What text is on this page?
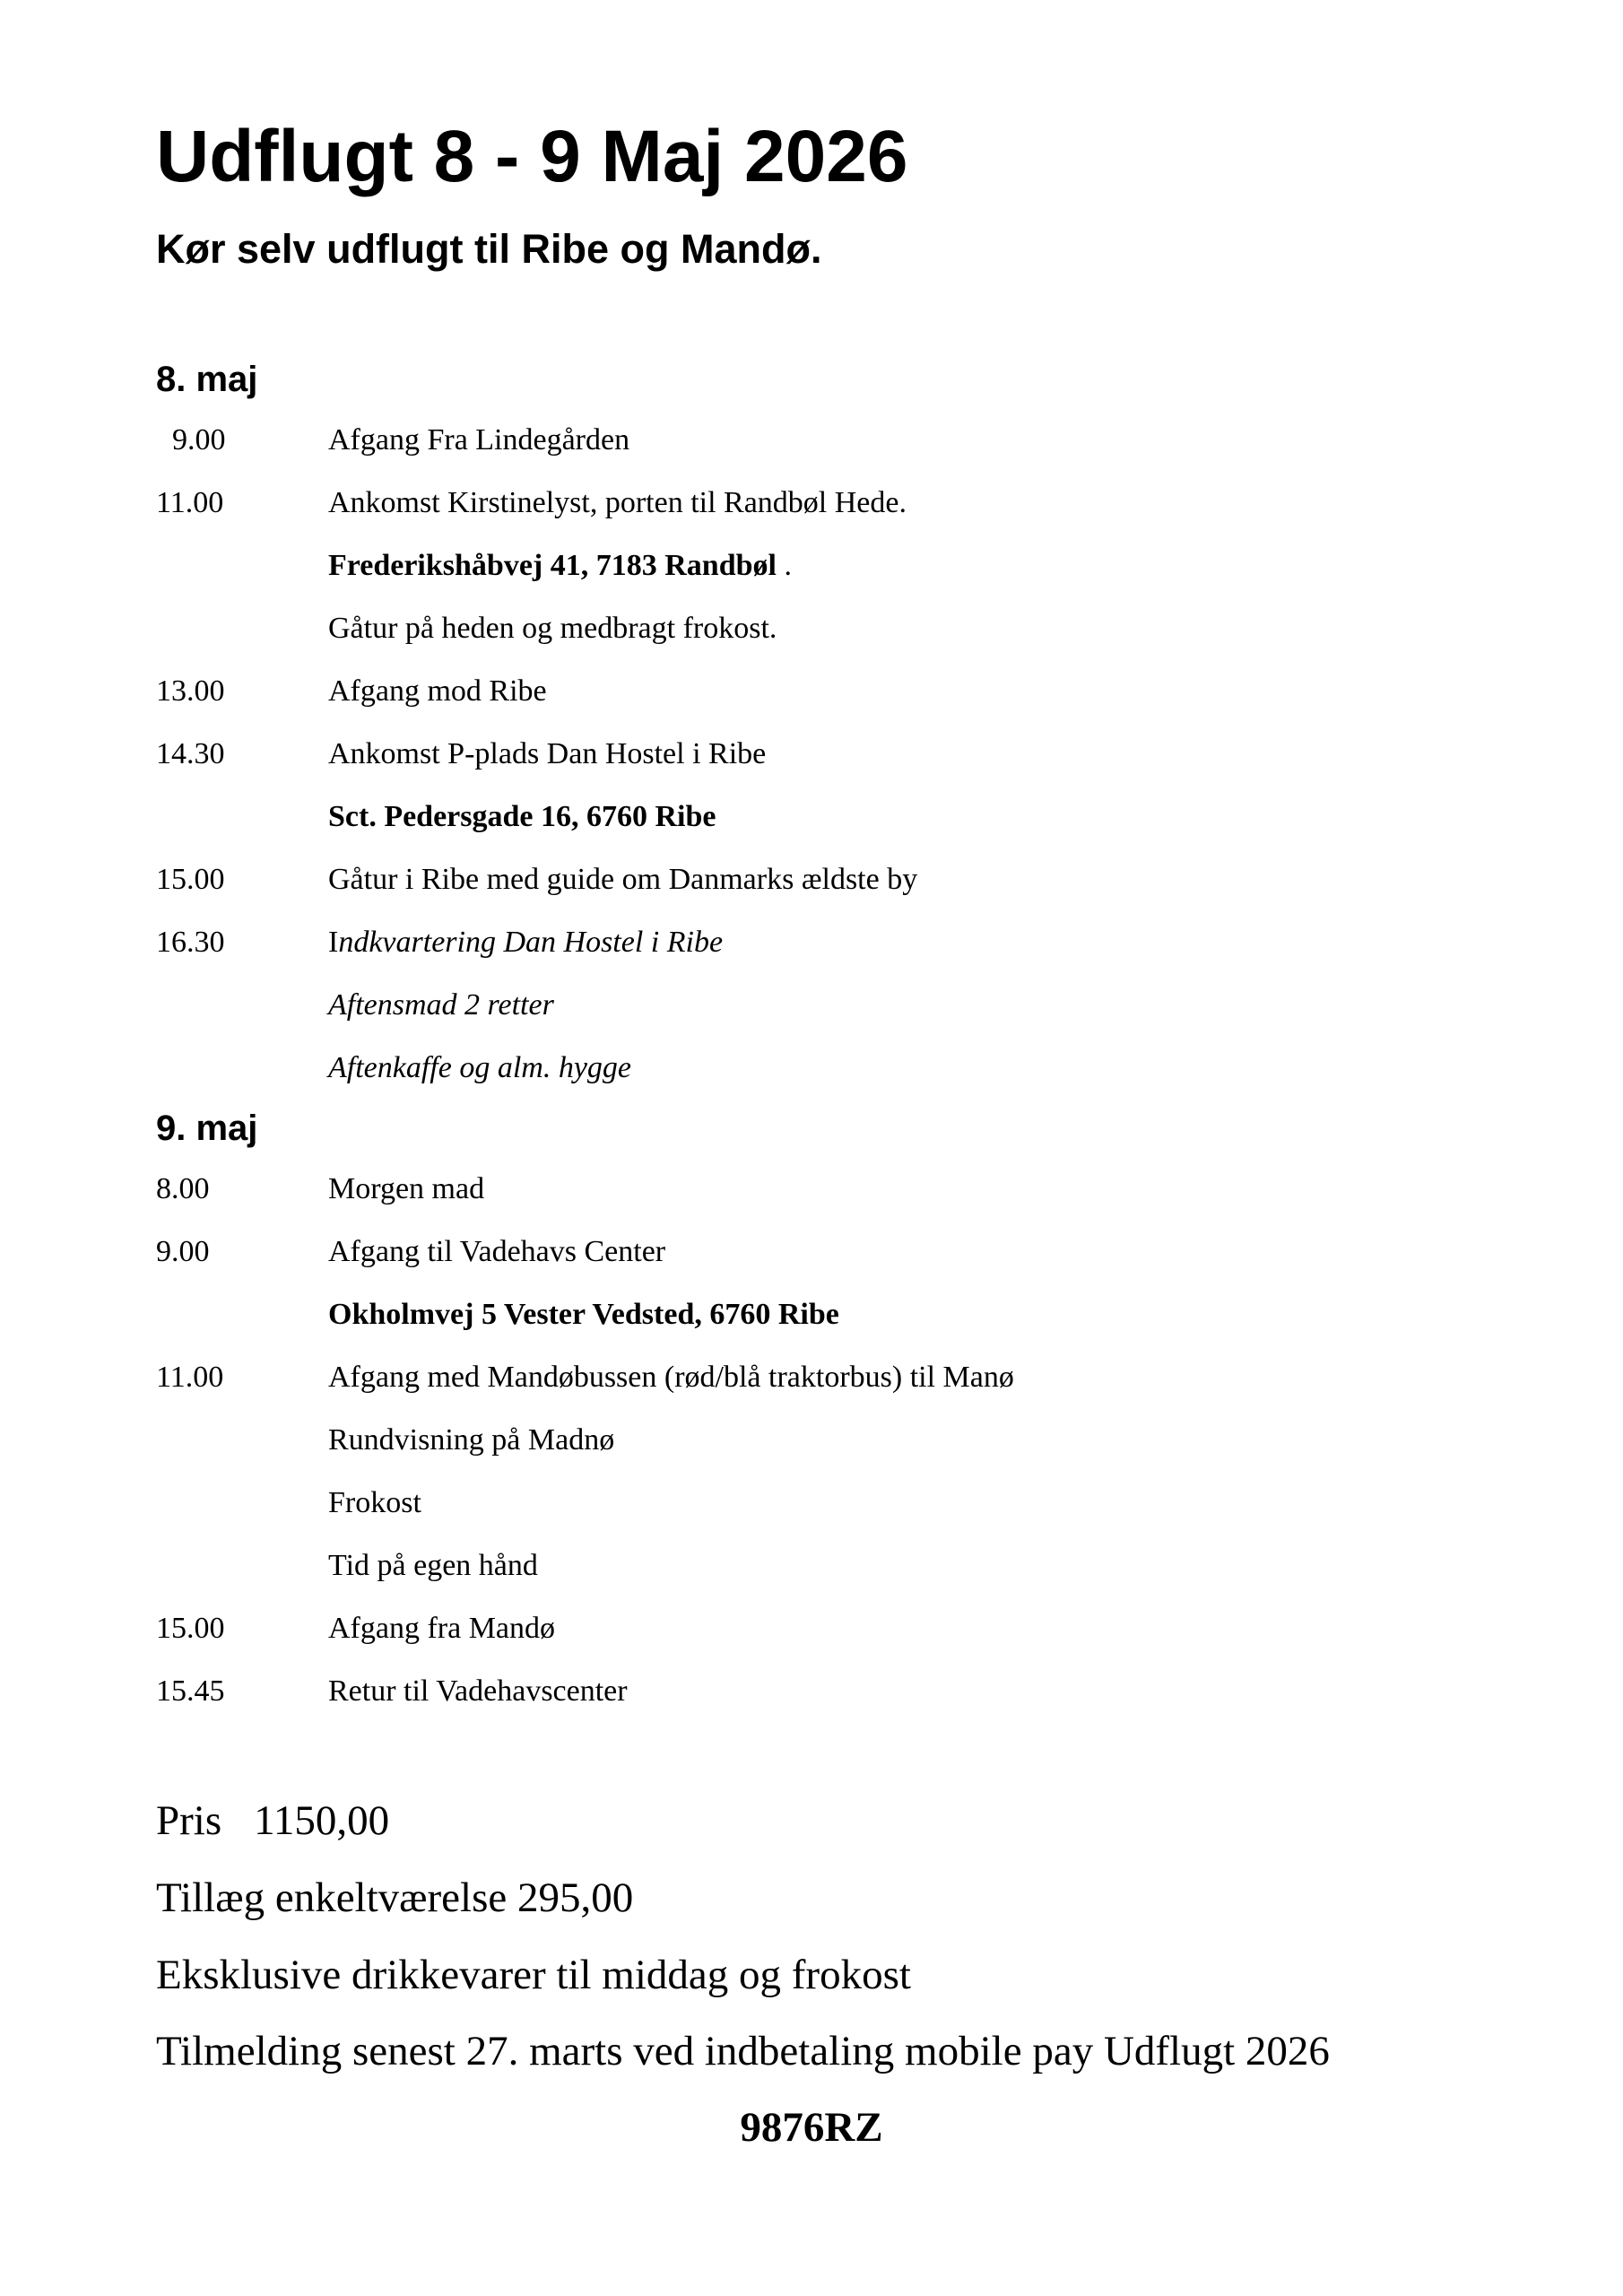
Udflugt 8 - 9 Maj 2026
Kør selv udflugt til Ribe og Mandø.
8. maj
9.00	Afgang Fra Lindegården
11.00	Ankomst Kirstinelyst, porten til Randbøl Hede.
Frederikshåbvej 41, 7183 Randbøl .
Gåtur på heden og medbragt frokost.
13.00	Afgang mod Ribe
14.30	Ankomst P-plads Dan Hostel i Ribe
Sct. Pedersgade 16, 6760 Ribe
15.00	Gåtur i Ribe med guide om Danmarks ældste by
16.30	Indkvartering Dan Hostel i Ribe
Aftensmad 2 retter
Aftenkaffe og alm. hygge
9. maj
8.00	Morgen mad
9.00	Afgang til Vadehavs Center
Okholmvej 5 Vester Vedsted, 6760 Ribe
11.00	Afgang med Mandøbussen (rød/blå traktorbus) til Manø
Rundvisning på Madnø
Frokost
Tid på egen hånd
15.00	Afgang fra Mandø
15.45	Retur til Vadehavscenter
Pris 1150,00
Tillæg enkeltværelse 295,00
Eksklusive drikkevarer til middag og frokost
Tilmelding senest 27. marts ved indbetaling mobile pay Udflugt 2026
9876RZ
